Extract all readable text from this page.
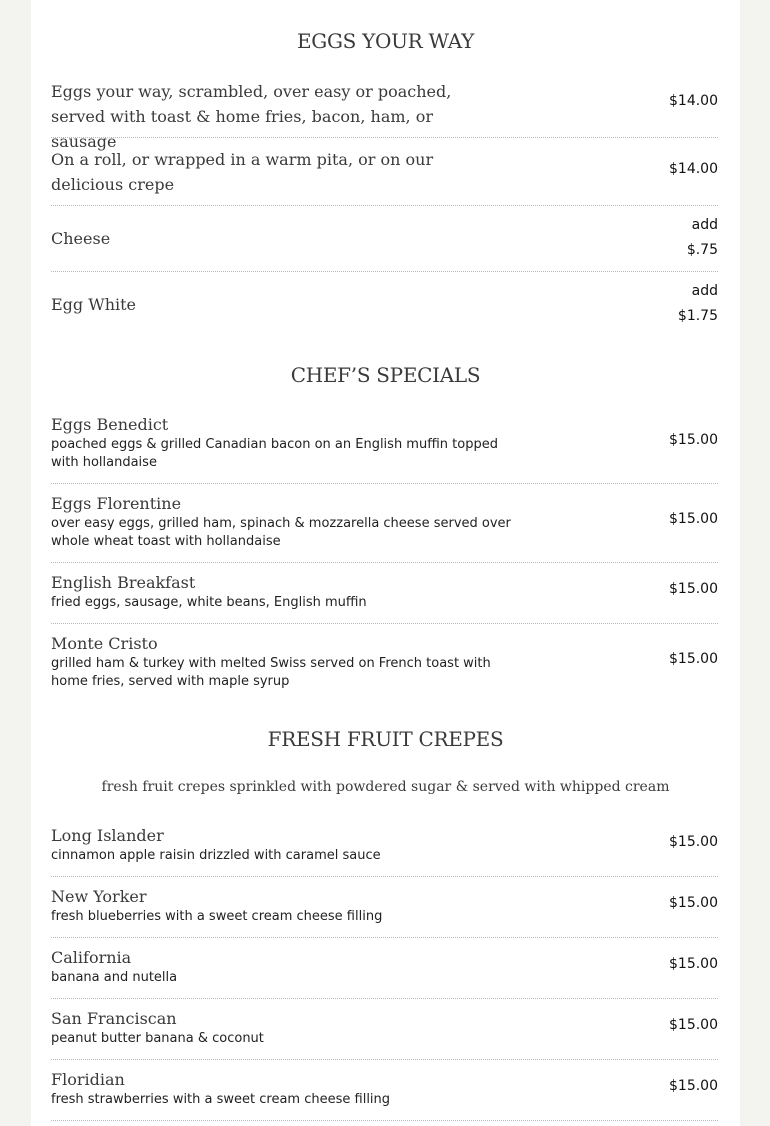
EGGS YOUR WAY
Eggs your way, scrambled, over easy or poached, served with toast & home fries, bacon, ham, or sausage
$14.00
On a roll, or wrapped in a warm pita, or on our delicious crepe
$14.00
Cheese
add
$.75
Egg White
add
$1.75
CHEF’S SPECIALS
Eggs Benedict
poached eggs & grilled Canadian bacon on an English muffin topped with hollandaise
$15.00
Eggs Florentine
over easy eggs, grilled ham, spinach & mozzarella cheese served over whole wheat toast with hollandaise
$15.00
English Breakfast
fried eggs, sausage, white beans, English muffin
$15.00
Monte Cristo
grilled ham & turkey with melted Swiss served on French toast with home fries, served with maple syrup
$15.00
FRESH FRUIT CREPES
fresh fruit crepes sprinkled with powdered sugar & served with whipped cream
Long Islander
cinnamon apple raisin drizzled with caramel sauce
$15.00
New Yorker
fresh blueberries with a sweet cream cheese filling
$15.00
California
banana and nutella
$15.00
San Franciscan
peanut butter banana & coconut
$15.00
Floridian
fresh strawberries with a sweet cream cheese filling
$15.00
